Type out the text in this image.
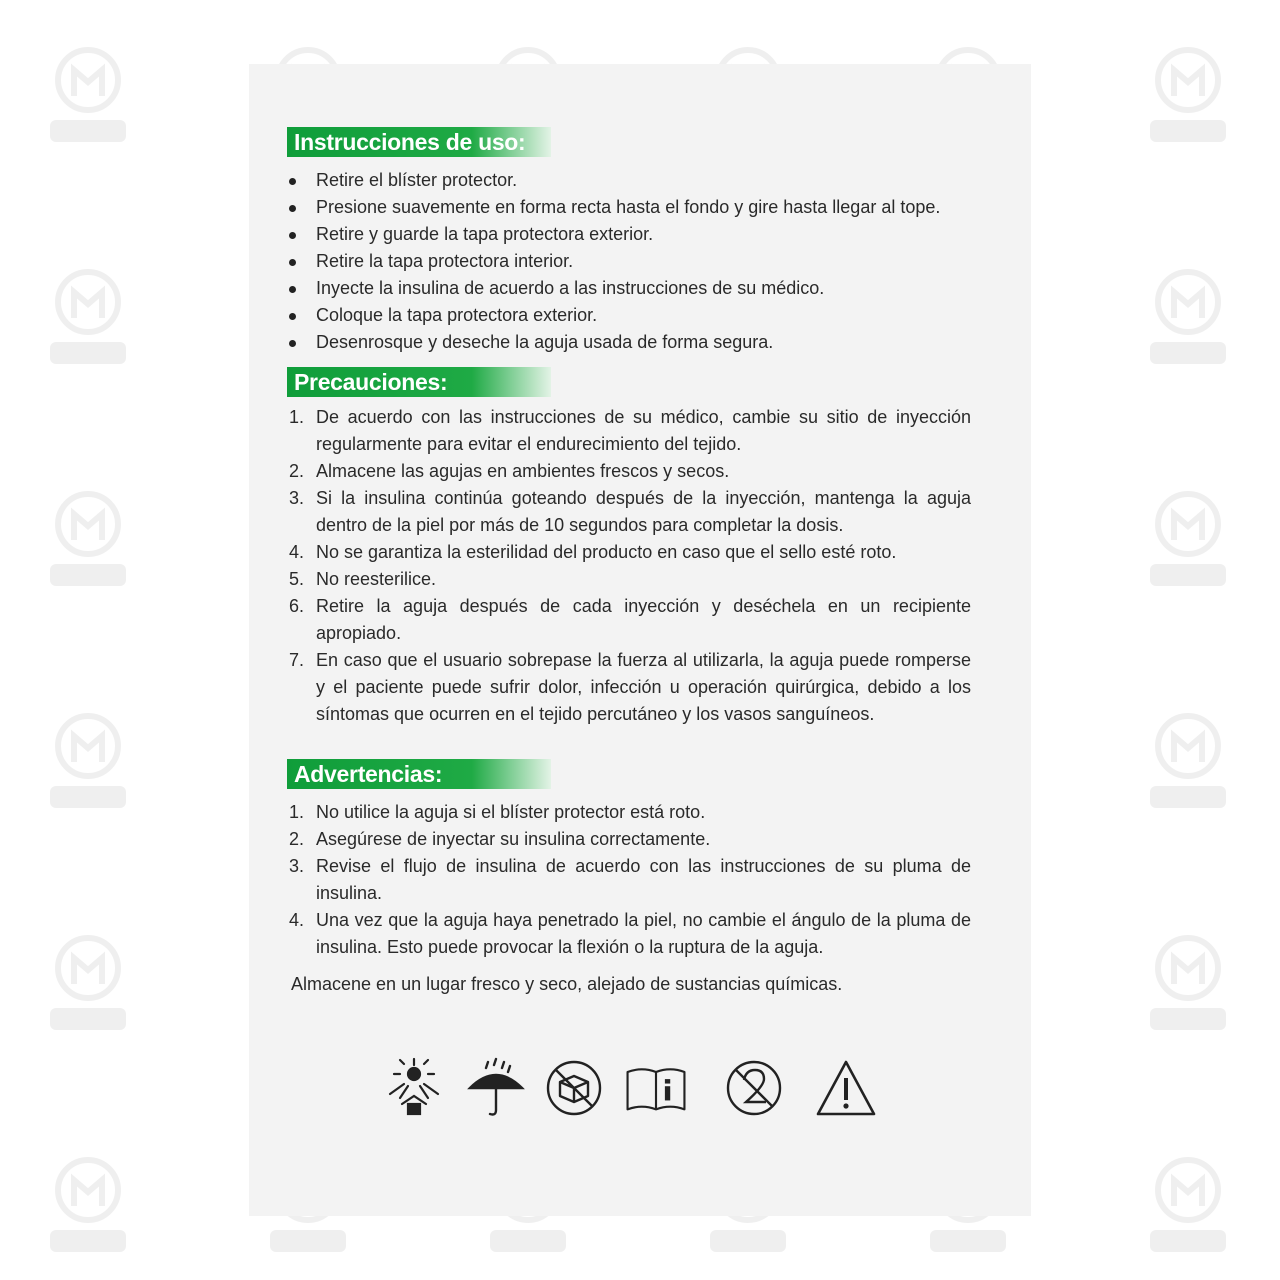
Instrucciones de uso:
Retire el blíster protector.
Presione suavemente en forma recta hasta el fondo y gire hasta llegar al tope.
Retire y guarde la tapa protectora exterior.
Retire la tapa protectora interior.
Inyecte la insulina de acuerdo a las instrucciones de su médico.
Coloque la tapa protectora exterior.
Desenrosque y deseche la aguja usada de forma segura.
Precauciones:
1. De acuerdo con las instrucciones de su médico, cambie su sitio de inyección regularmente para evitar el endurecimiento del tejido.
2. Almacene las agujas en ambientes frescos y secos.
3. Si la insulina continúa goteando después de la inyección, mantenga la aguja dentro de la piel por más de 10 segundos para completar la dosis.
4. No se garantiza la esterilidad del producto en caso que el sello esté roto.
5. No reesterilice.
6. Retire la aguja después de cada inyección y deséchela en un recipiente apropiado.
7. En caso que el usuario sobrepase la fuerza al utilizarla, la aguja puede romperse y el paciente puede sufrir dolor, infección u operación quirúrgica, debido a los síntomas que ocurren en el tejido percutáneo y los vasos sanguíneos.
Advertencias:
1. No utilice la aguja si el blíster protector está roto.
2. Asegúrese de inyectar su insulina correctamente.
3. Revise el flujo de insulina de acuerdo con las instrucciones de su pluma de insulina.
4. Una vez que la aguja haya penetrado la piel, no cambie el ángulo de la pluma de insulina. Esto puede provocar la flexión o la ruptura de la aguja.
Almacene en un lugar fresco y seco, alejado de sustancias químicas.
